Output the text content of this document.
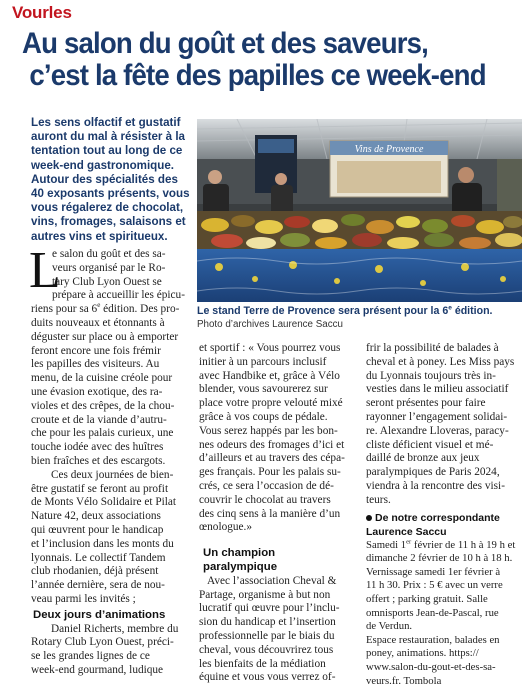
Vourles
Au salon du goût et des saveurs,
c’est la fête des papilles ce week-end
Les sens olfactif et gustatif
auront du mal à résister à la
tentation tout au long de ce
week-end gastronomique.
Autour des spécialités des
40 exposants présents, vous
vous régalerez de chocolat,
vins, fromages, salaisons et
autres vins et spiritueux.
Vins de Provence
Le stand Terre de Provence sera présent pour la 6e édition.
Photo d’archives Laurence Saccu
L
e salon du goût et des sa-
veurs organisé par le Ro-
tary Club Lyon Ouest se
prépare à accueillir les épicu-
riens pour sa 6e édition. Des pro-
duits nouveaux et étonnants à
déguster sur place ou à emporter
feront encore une fois frémir
les papilles des visiteurs. Au
menu, de la cuisine créole pour
une évasion exotique, des ra-
violes et des crêpes, de la chou-
croute et de la viande d’autru-
che pour les palais curieux, une
touche iodée avec des huîtres
bien fraîches et des escargots.
Ces deux journées de bien-
être gustatif se feront au profit
de Monts Vélo Solidaire et Pilat
Nature 42, deux associations
qui œuvrent pour le handicap
et l’inclusion dans les monts du
lyonnais. Le collectif Tandem
club rhodanien, déjà présent
l’année dernière, sera de nou-
veau parmi les invités ;
Deux jours d’animations
Daniel Richerts, membre du
Rotary Club Lyon Ouest, préci-
se les grandes lignes de ce
week-end gourmand, ludique
et sportif : « Vous pourrez vous
initier à un parcours inclusif
avec Handbike et, grâce à Vélo
blender, vous savourerez sur
place votre propre velouté mixé
grâce à vos coups de pédale.
Vous serez happés par les bon-
nes odeurs des fromages d’ici et
d’ailleurs et au travers des cépa-
ges français. Pour les palais su-
crés, ce sera l’occasion de dé-
couvrir le chocolat au travers
des cinq sens à la manière d’un
œnologue.»
Un champion
paralympique
Avec l’association Cheval &
Partage, organisme à but non
lucratif qui œuvre pour l’inclu-
sion du handicap et l’insertion
professionnelle par le biais du
cheval, vous découvrirez tous
les bienfaits de la médiation
équine et vous vous verrez of-
frir la possibilité de balades à
cheval et à poney. Les Miss pays
du Lyonnais toujours très in-
vesties dans le milieu associatif
seront présentes pour faire
rayonner l’engagement solidai-
re. Alexandre Lloveras, paracy-
cliste déficient visuel et mé-
daillé de bronze aux jeux
paralympiques de Paris 2024,
viendra à la rencontre des visi-
teurs.
De notre correspondante
Laurence Saccu
Samedi 1er février de 11 h à 19 h et
dimanche 2 février de 10 h à 18 h.
Vernissage samedi 1er février à
11 h 30. Prix : 5 € avec un verre
offert ; parking gratuit. Salle
omnisports Jean-de-Pascal, rue
de Verdun.
Espace restauration, balades en
poney, animations. https://
www.salon-du-gout-et-des-sa-
veurs.fr. Tombola
